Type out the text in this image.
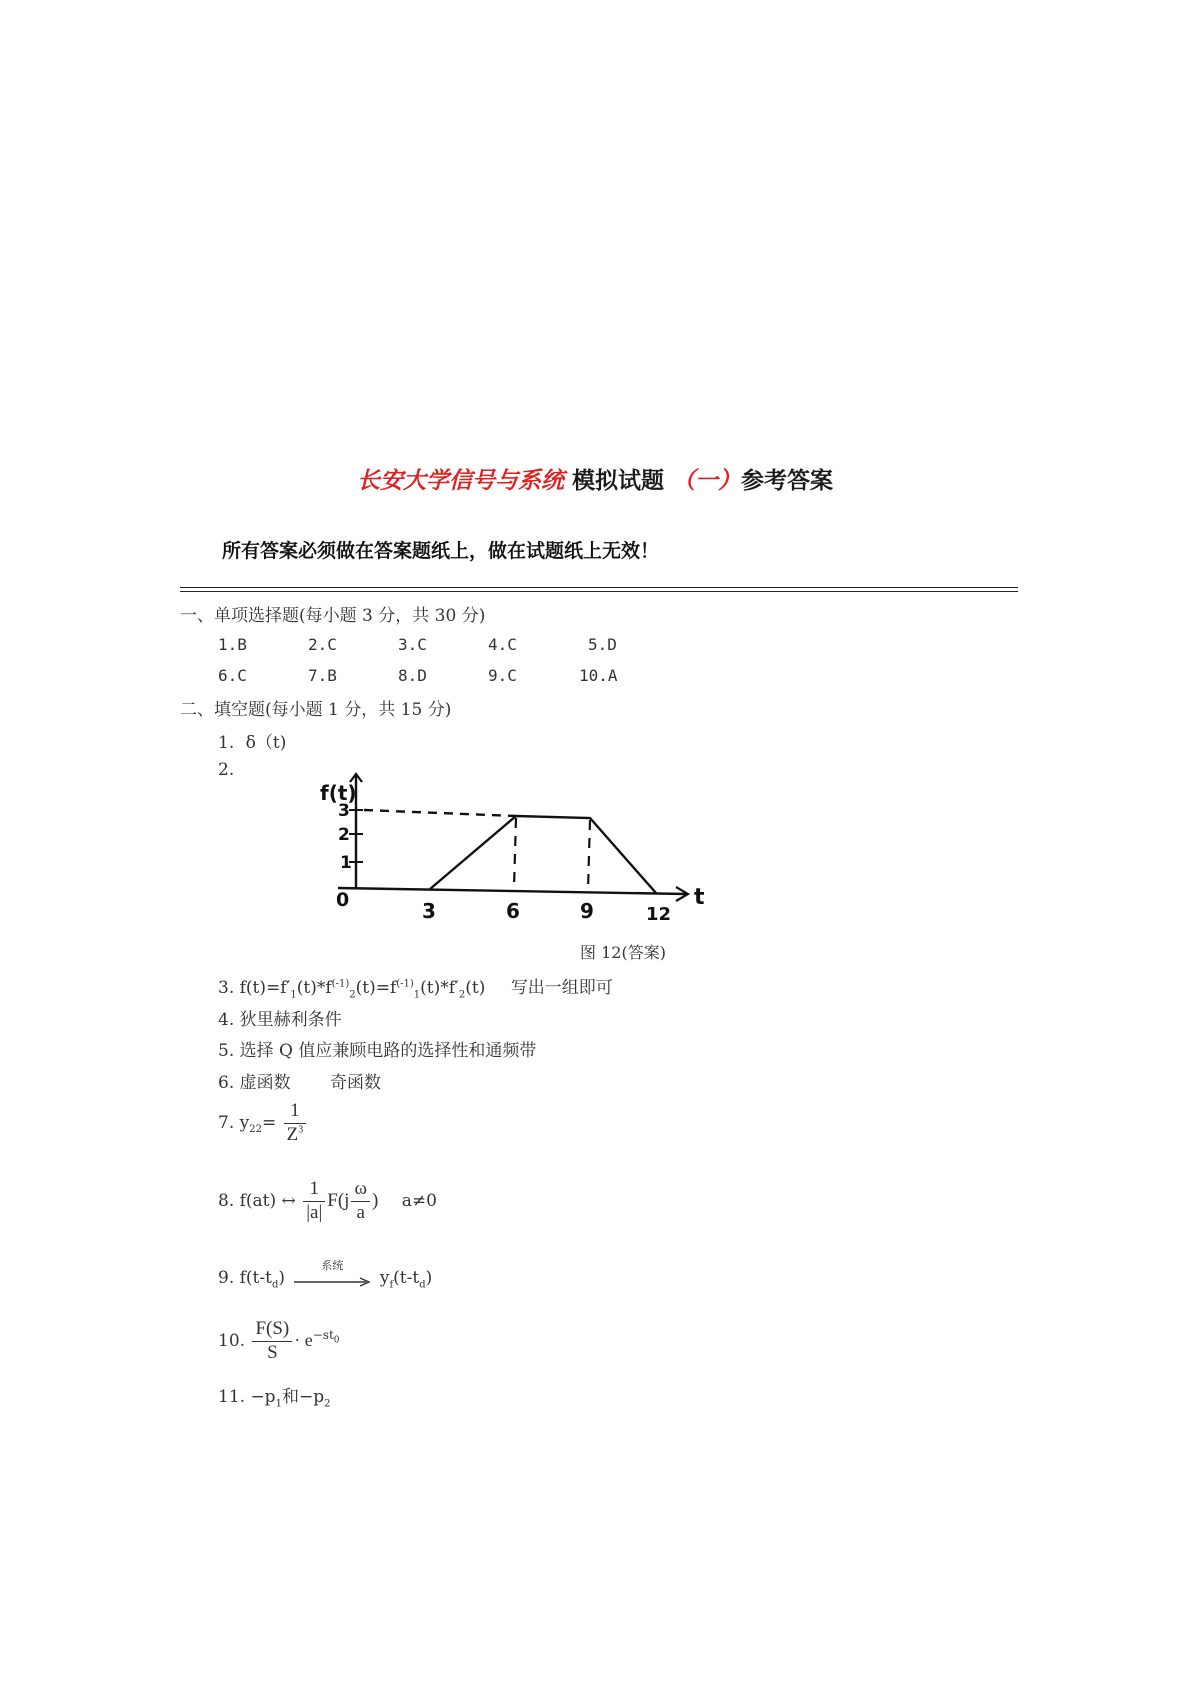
长安大学信号与系统 模拟试题 （一）参考答案
所有答案必须做在答案题纸上，做在试题纸上无效！
一、单项选择题(每小题 3 分，共 30 分)
1.B	2.C	3.C	4.C	5.D
6.C	7.B	8.D	9.C	10.A
二、填空题(每小题 1 分，共 15 分)
1. δ（t)
2.
f(t)
3
2
1
0	3	6	9	12
t
图 12(答案)
3. $f(t)=f'_1(t)*f^{(-1)}_2(t)=f^{(-1)}_1(t)*f'_2(t)$ 写出一组即可
4. 狄里赫利条件
5. 选择 Q 值应兼顾电路的选择性和通频带
6. 虚函数 奇函数
7. $y_{22}= \frac{1}{Z^3}$
8. f(at) ↔ $\frac{1}{|a|} F(j \frac{\omega}{a}$ ) a≠0
9. $f(t-t_d)$
系统
$y_f(t-t_d)$
10. $\frac{F(S)}{S} \cdot e^{-st_0}$
11. $-p_1$和$-p_2$
